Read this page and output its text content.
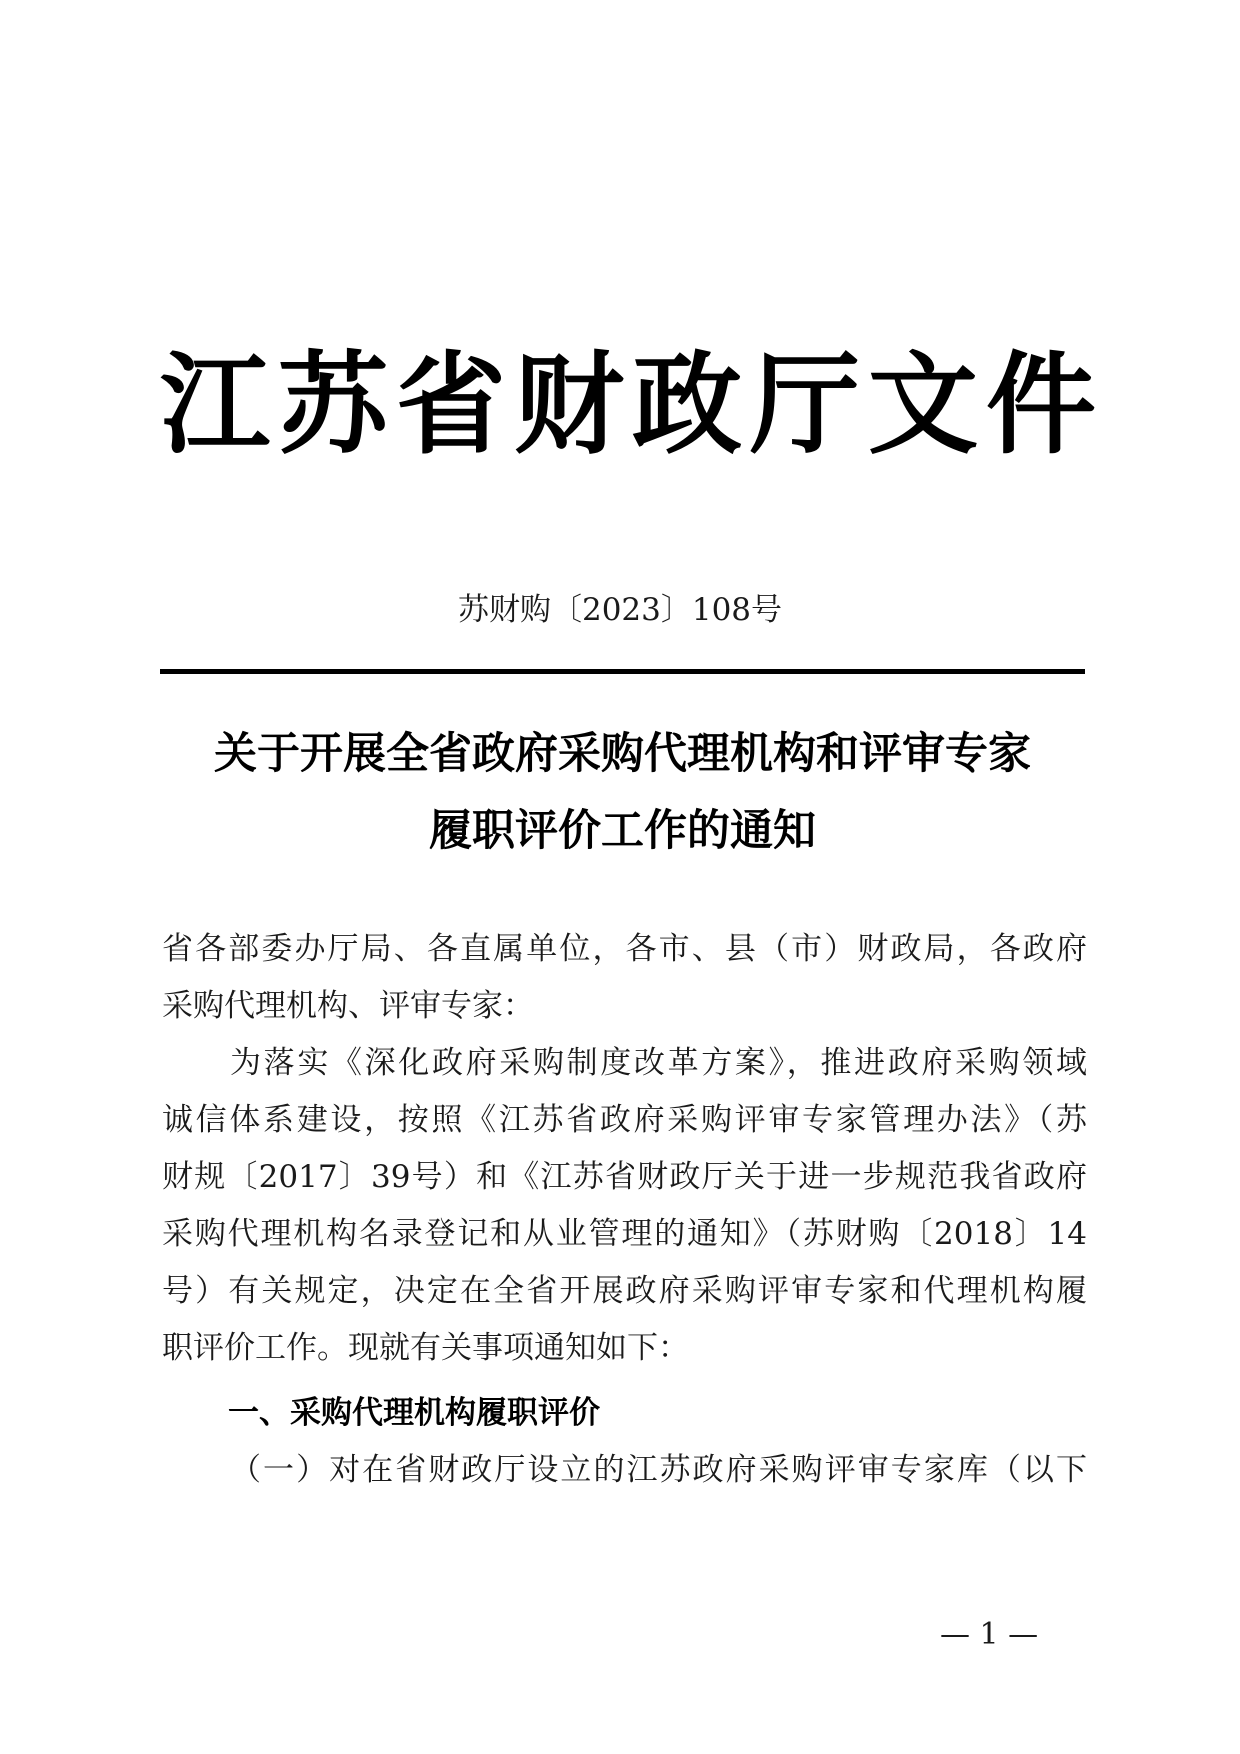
江苏省财政厅文件
苏财购〔2023〕108号
关于开展全省政府采购代理机构和评审专家
履职评价工作的通知
省各部委办厅局、各直属单位，各市、县（市）财政局，各政府
采购代理机构、评审专家：
为落实《深化政府采购制度改革方案》，推进政府采购领域
诚信体系建设，按照《江苏省政府采购评审专家管理办法》（苏
财规〔2017〕39号）和《江苏省财政厅关于进一步规范我省政府
采购代理机构名录登记和从业管理的通知》（苏财购〔2018〕14
号）有关规定，决定在全省开展政府采购评审专家和代理机构履
职评价工作。现就有关事项通知如下：
一、采购代理机构履职评价
（一）对在省财政厅设立的江苏政府采购评审专家库（以下
— 1 —
